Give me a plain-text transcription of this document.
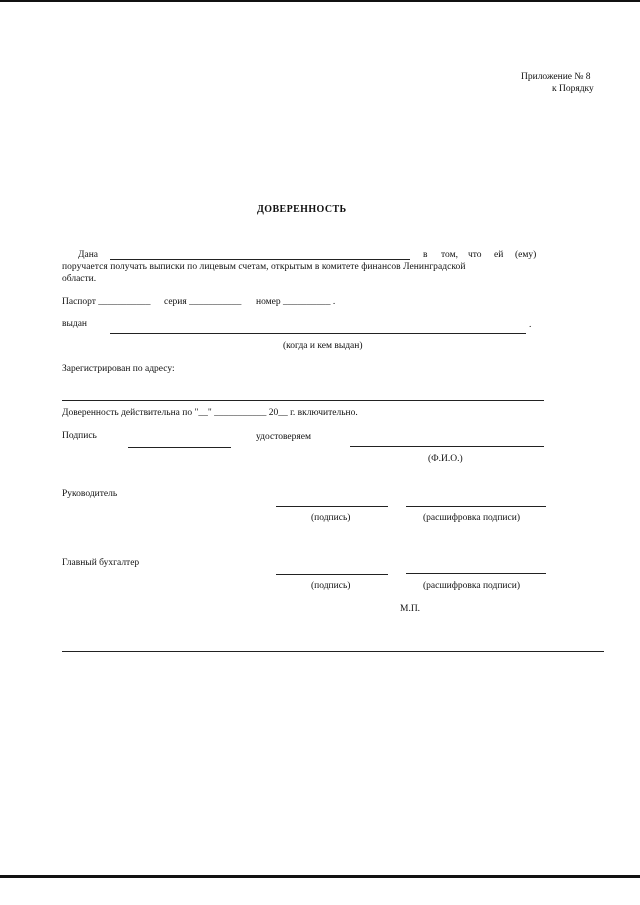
Приложение № 8
к Порядку
ДОВЕРЕННОСТЬ
Дана	в том, что ей (ему)
поручается получать выписки по лицевым счетам, открытым в комитете финансов Ленинградской
области.
Паспорт ___________ серия ___________ номер __________ .
выдан	.
(когда и кем выдан)
Зарегистрирован по адресу:
Доверенность действительна по "__" ___________ 20__ г. включительно.
Подпись	удостоверяем
(Ф.И.О.)
Руководитель
(подпись)	(расшифровка подписи)
Главный бухгалтер
(подпись)	(расшифровка подписи)
М.П.
